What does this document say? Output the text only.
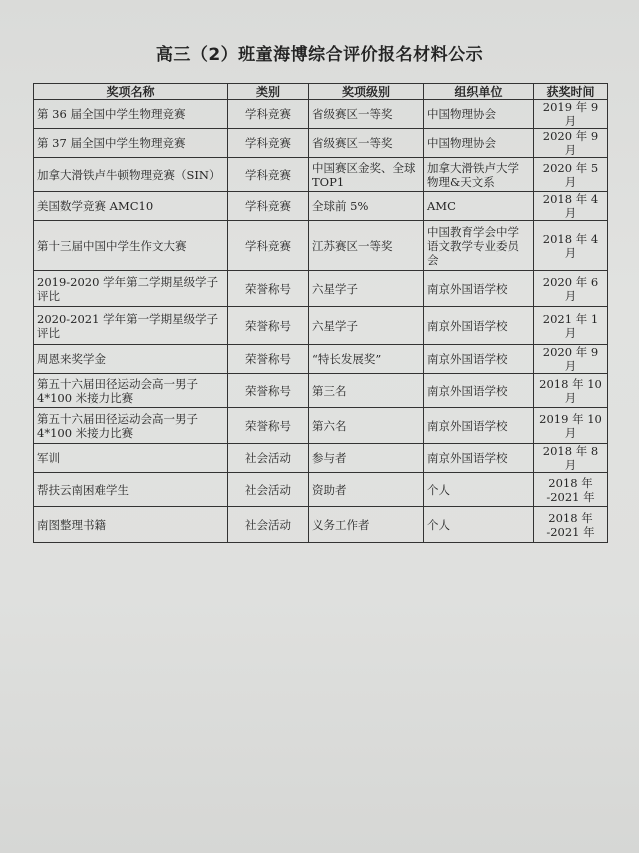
高三（2）班童海博综合评价报名材料公示
奖项名称	类别	奖项级别	组织单位	获奖时间
第 36 届全国中学生物理竞赛	学科竞赛	省级赛区一等奖	中国物理协会	2019 年 9 月
第 37 届全国中学生物理竞赛	学科竞赛	省级赛区一等奖	中国物理协会	2020 年 9 月
加拿大滑铁卢牛顿物理竞赛（SIN）	学科竞赛	中国赛区金奖、全球 TOP1	加拿大滑铁卢大学物理&天文系	2020 年 5 月
美国数学竞赛 AMC10	学科竞赛	全球前 5%	AMC	2018 年 4 月
第十三届中国中学生作文大赛	学科竞赛	江苏赛区一等奖	中国教育学会中学语文教学专业委员会	2018 年 4 月
2019-2020 学年第二学期星级学子评比	荣誉称号	六星学子	南京外国语学校	2020 年 6 月
2020-2021 学年第一学期星级学子评比	荣誉称号	六星学子	南京外国语学校	2021 年 1 月
周恩来奖学金	荣誉称号	“特长发展奖”	南京外国语学校	2020 年 9 月
第五十六届田径运动会高一男子 4*100 米接力比赛	荣誉称号	第三名	南京外国语学校	2018 年 10 月
第五十六届田径运动会高一男子 4*100 米接力比赛	荣誉称号	第六名	南京外国语学校	2019 年 10 月
军训	社会活动	参与者	南京外国语学校	2018 年 8 月
帮扶云南困难学生	社会活动	资助者	个人	2018 年 -2021 年
南图整理书籍	社会活动	义务工作者	个人	2018 年 -2021 年
